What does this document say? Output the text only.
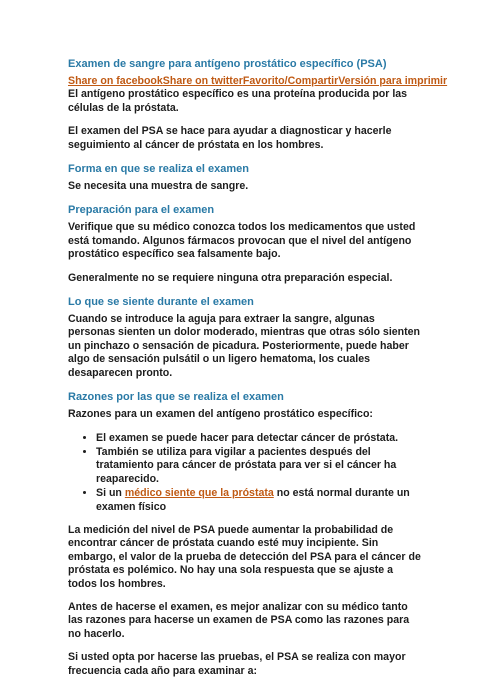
Examen de sangre para antígeno prostático específico (PSA)
Share on facebookShare on twitterFavorito/CompartirVersión para imprimir

El antígeno prostático específico es una proteína producida por las células de la próstata.

El examen del PSA se hace para ayudar a diagnosticar y hacerle seguimiento al cáncer de próstata en los hombres.

Forma en que se realiza el examen

Se necesita una muestra de sangre.

Preparación para el examen

Verifique que su médico conozca todos los medicamentos que usted está tomando. Algunos fármacos provocan que el nivel del antígeno prostático específico sea falsamente bajo.

Generalmente no se requiere ninguna otra preparación especial.

Lo que se siente durante el examen

Cuando se introduce la aguja para extraer la sangre, algunas personas sienten un dolor moderado, mientras que otras sólo sienten un pinchazo o sensación de picadura. Posteriormente, puede haber algo de sensación pulsátil o un ligero hematoma, los cuales desaparecen pronto.

Razones por las que se realiza el examen

Razones para un examen del antígeno prostático específico:

• El examen se puede hacer para detectar cáncer de próstata.
• También se utiliza para vigilar a pacientes después del tratamiento para cáncer de próstata para ver si el cáncer ha reaparecido.
• Si un médico siente que la próstata no está normal durante un examen físico

La medición del nivel de PSA puede aumentar la probabilidad de encontrar cáncer de próstata cuando esté muy incipiente. Sin embargo, el valor de la prueba de detección del PSA para el cáncer de próstata es polémico. No hay una sola respuesta que se ajuste a todos los hombres.

Antes de hacerse el examen, es mejor analizar con su médico tanto las razones para hacerse un examen de PSA como las razones para no hacerlo.

Si usted opta por hacerse las pruebas, el PSA se realiza con mayor frecuencia cada año para examinar a:
